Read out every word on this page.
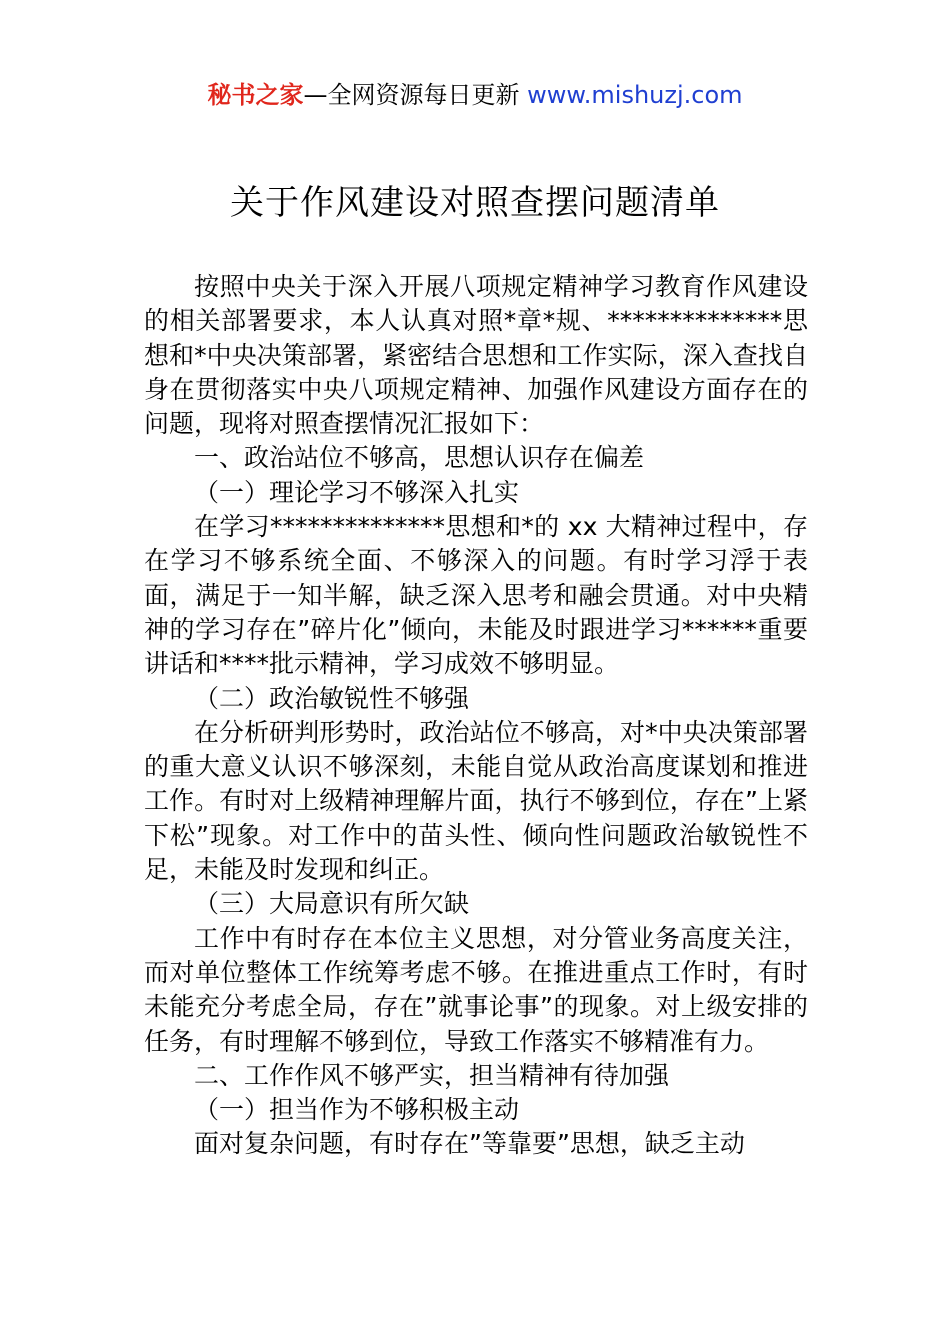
秘书之家—全网资源每日更新 www.mishuzj.com
关于作风建设对照查摆问题清单

按照中央关于深入开展八项规定精神学习教育作风建设的相关部署要求，本人认真对照*章*规、**************思想和*中央决策部署，紧密结合思想和工作实际，深入查找自身在贯彻落实中央八项规定精神、加强作风建设方面存在的问题，现将对照查摆情况汇报如下：

一、政治站位不够高，思想认识存在偏差

（一）理论学习不够深入扎实

在学习**************思想和*的 xx 大精神过程中，存在学习不够系统全面、不够深入的问题。有时学习浮于表面，满足于一知半解，缺乏深入思考和融会贯通。对中央精神的学习存在”碎片化”倾向，未能及时跟进学习******重要讲话和****批示精神，学习成效不够明显。

（二）政治敏锐性不够强

在分析研判形势时，政治站位不够高，对*中央决策部署的重大意义认识不够深刻，未能自觉从政治高度谋划和推进工作。有时对上级精神理解片面，执行不够到位，存在”上紧下松”现象。对工作中的苗头性、倾向性问题政治敏锐性不足，未能及时发现和纠正。

（三）大局意识有所欠缺

工作中有时存在本位主义思想，对分管业务高度关注，而对单位整体工作统筹考虑不够。在推进重点工作时，有时未能充分考虑全局，存在”就事论事”的现象。对上级安排的任务，有时理解不够到位，导致工作落实不够精准有力。

二、工作作风不够严实，担当精神有待加强

（一）担当作为不够积极主动

面对复杂问题，有时存在”等靠要”思想，缺乏主动
